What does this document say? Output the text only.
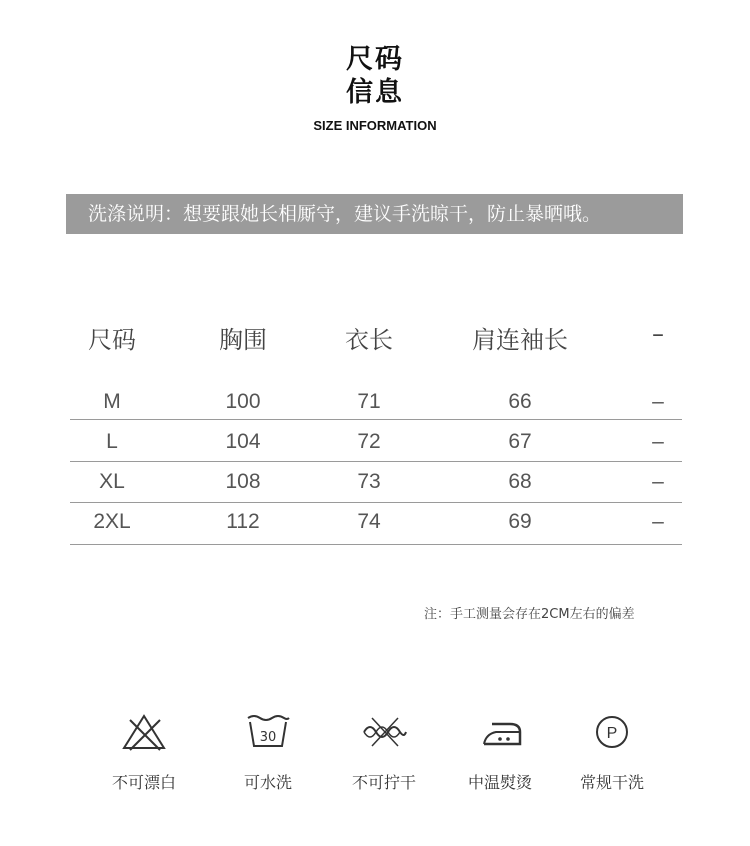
尺码
信息
SIZE INFORMATION
洗涤说明：想要跟她长相厮守，建议手洗晾干，防止暴晒哦。
尺码	胸围	衣长	肩连袖长	–
M	100	71	66	–
L	104	72	67	–
XL	108	73	68	–
2XL	112	74	69	–
注：手工测量会存在2CM左右的偏差
不可漂白
30
可水洗	不可拧干	中温熨烫
P
常规干洗
